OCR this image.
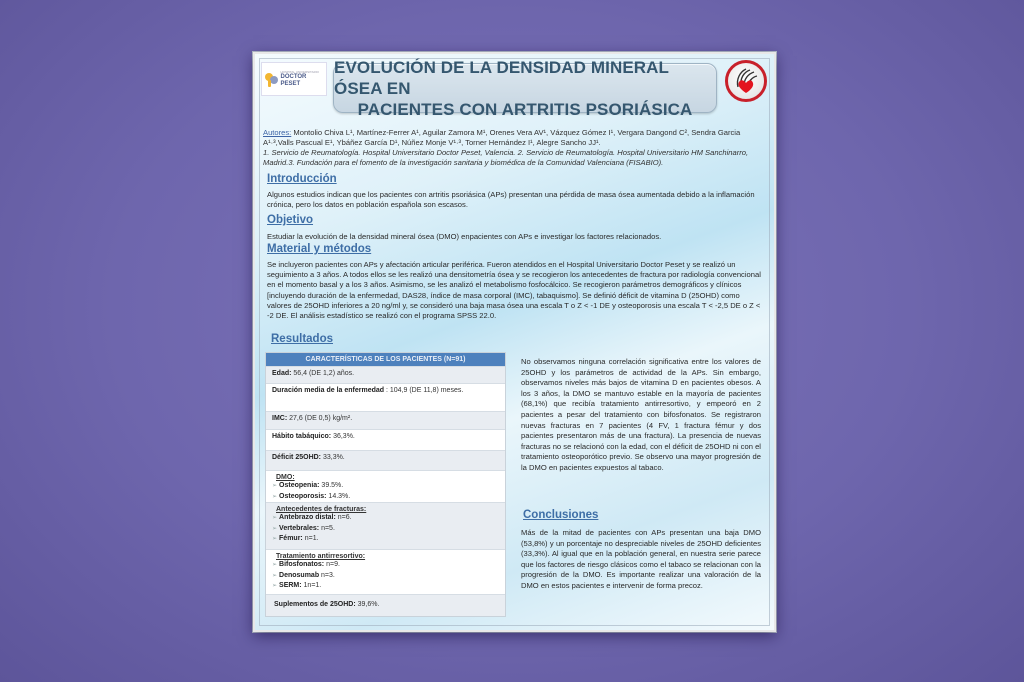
HOSPITAL UNIVERSITARIO
DOCTOR PESET
EVOLUCIÓN DE LA DENSIDAD MINERAL ÓSEA EN
PACIENTES CON ARTRITIS PSORIÁSICA
Autores: Montolio Chiva L¹, Martínez-Ferrer A¹, Aguilar Zamora M¹, Orenes Vera AV¹, Vázquez Gómez I¹, Vergara Dangond C², Sendra Garcia A¹·³,Valls Pascual E¹, Ybáñez García D¹, Núñez Monje V¹·³, Torner Hernández I¹, Alegre Sancho JJ¹.
1. Servicio de Reumatología. Hospital Universitario Doctor Peset, Valencia. 2. Servicio de Reumatología. Hospital Universitario HM Sanchinarro, Madrid.3. Fundación para el fomento de la investigación sanitaria y biomédica de la Comunidad Valenciana (FISABIO).
Introducción
Algunos estudios indican que los pacientes con artritis psoriásica (APs) presentan una pérdida de masa ósea aumentada debido a la inflamación crónica, pero los datos en población española son escasos.
Objetivo
Estudiar la evolución de la densidad mineral ósea (DMO) enpacientes con APs e investigar los factores relacionados.
Material y métodos
Se incluyeron pacientes con APs y afectación articular periférica. Fueron atendidos en el Hospital Universitario Doctor Peset y se realizó un seguimiento a 3 años. A todos ellos se les realizó una densitometría ósea y se recogieron los antecedentes de fractura por radiología convencional en el momento basal y a los 3 años. Asimismo, se les analizó el metabolismo fosfocálcico. Se recogieron parámetros demográficos y clínicos [incluyendo duración de la enfermedad, DAS28, índice de masa corporal (IMC), tabaquismo]. Se definió déficit de vitamina D (25OHD) como valores de 25OHD inferiores a 20 ng/ml y, se consideró una baja masa ósea una escala T o Z < -1 DE y osteoporosis una escala T < -2,5 DE o Z < -2 DE. El análisis estadístico se realizó con el programa SPSS 22.0.
Resultados
CARACTERÍSTICAS DE LOS PACIENTES (N=91)
Edad: 56,4 (DE 1,2) años.
Duración media de la enfermedad : 104,9 (DE 11,8) meses.
IMC: 27,6 (DE 0,5) kg/m².
Hábito tabáquico: 36,3%.
Déficit 25OHD: 33,3%.
DMO:
➢ Osteopenia: 39.5%.
➢ Osteoporosis: 14.3%.
Antecedentes de fracturas:
➢ Antebrazo distal: n=6.
➢ Vertebrales: n=5.
➢ Fémur: n=1.
Tratamiento antirresortivo:
➢ Bifosfonatos: n=9.
➢ Denosumab n=3.
➢ SERM: 1n=1.
Suplementos de 25OHD: 39,6%.
No observamos ninguna correlación significativa entre los valores de 25OHD y los parámetros de actividad de la APs. Sin embargo, observamos niveles más bajos de vitamina D en pacientes obesos. A los 3 años, la DMO se mantuvo estable en la mayoría de pacientes (68,1%) que recibía tratamiento antirresortivo, y empeoró en 2 pacientes a pesar del tratamiento con bifosfonatos. Se registraron nuevas fracturas en 7 pacientes (4 FV, 1 fractura fémur y dos pacientes presentaron más de una fractura). La presencia de nuevas fracturas no se relacionó con la edad, con el déficit de 25OHD ni con el tratamiento osteoporótico previo. Se observo una mayor progresión de la DMO en pacientes expuestos al tabaco.
Conclusiones
Más de la mitad de pacientes con APs presentan una baja DMO (53,8%) y un porcentaje no despreciable niveles de 25OHD deficientes (33,3%). Al igual que en la población general, en nuestra serie parece que los factores de riesgo clásicos como el tabaco se relacionan con la progresión de la DMO. Es importante realizar una valoración de la DMO en estos pacientes e intervenir de forma precoz.
